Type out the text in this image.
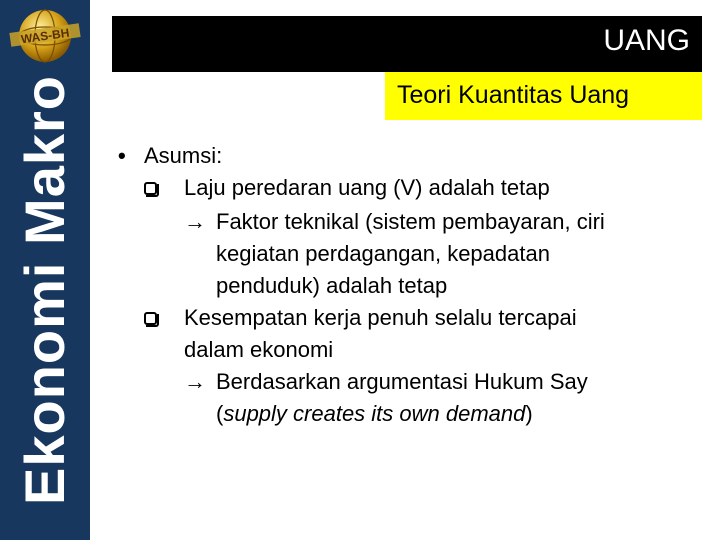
WAS-BH
Ekonomi Makro
UANG
Teori Kuantitas Uang
• Asumsi:
Laju peredaran uang (V) adalah tetap
→ Faktor teknikal (sistem pembayaran, ciri
kegiatan perdagangan, kepadatan
penduduk) adalah tetap
Kesempatan kerja penuh selalu tercapai
dalam ekonomi
→ Berdasarkan argumentasi Hukum Say
(supply creates its own demand)
